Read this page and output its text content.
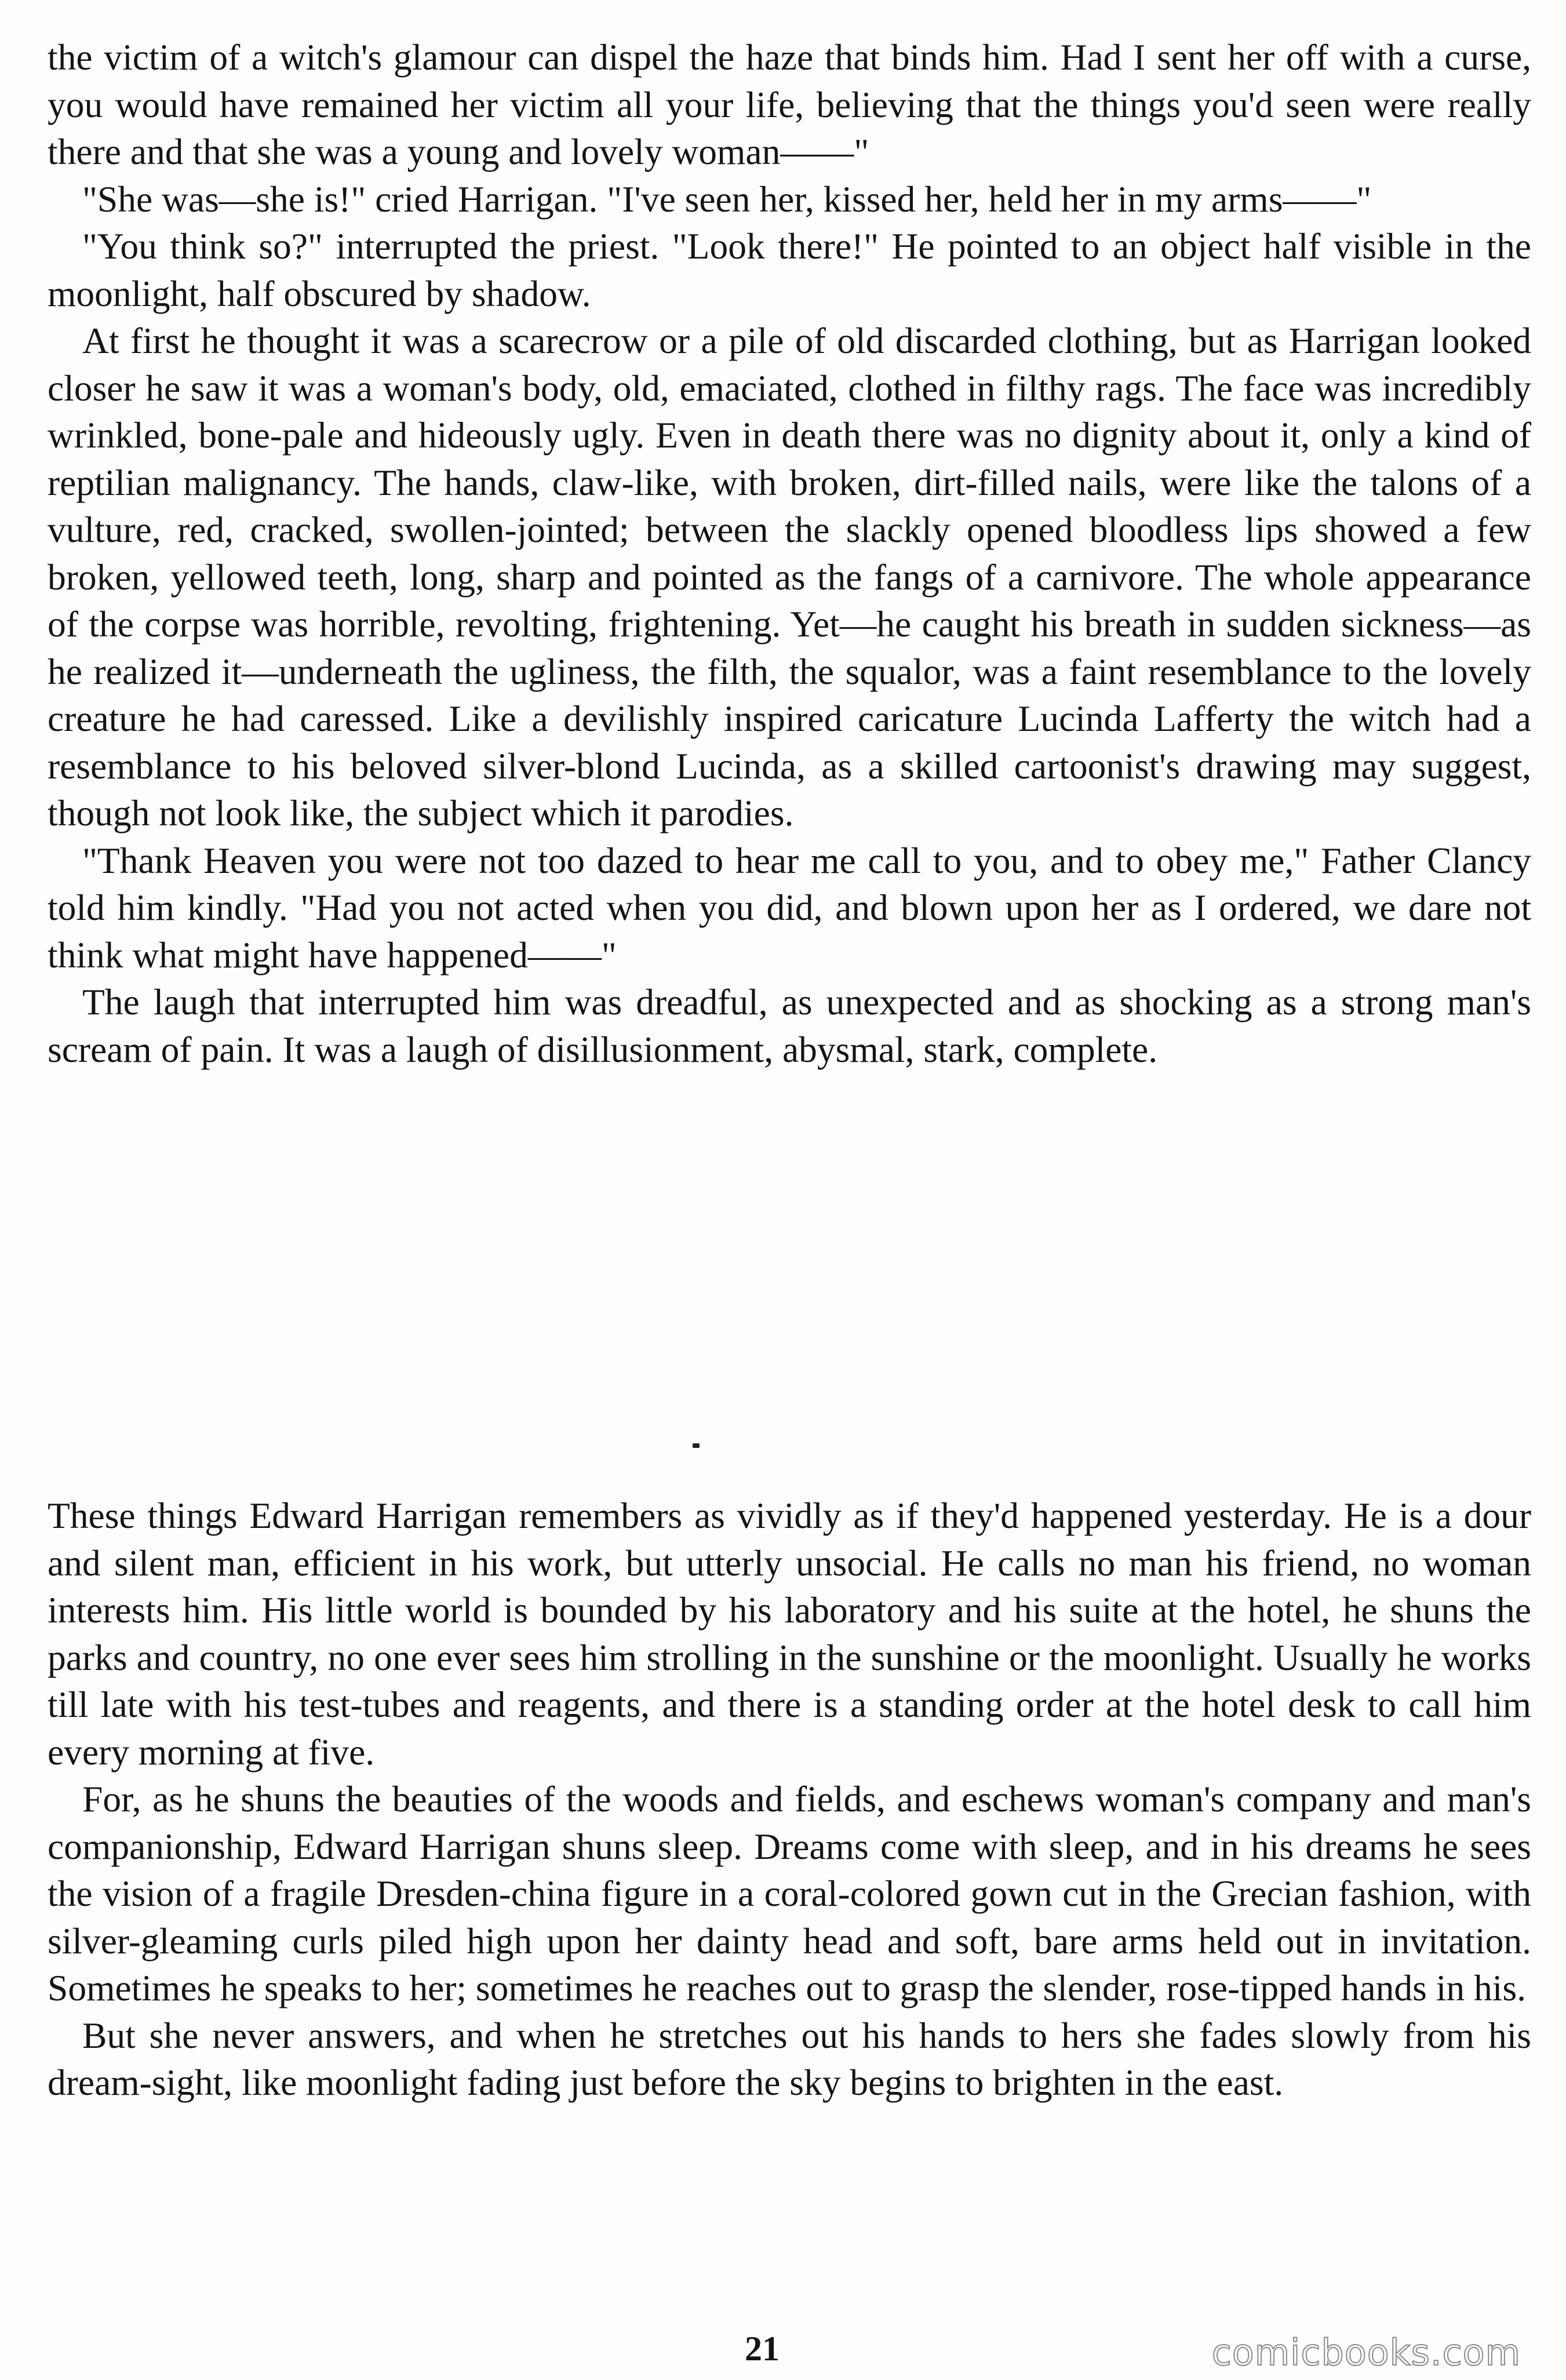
the victim of a witch's glamour can dispel the haze that binds him. Had I sent her off with a curse, you would have remained her victim all your life, believing that the things you'd seen were really there and that she was a young and lovely woman——"

"She was—she is!" cried Harrigan. "I've seen her, kissed her, held her in my arms——"

"You think so?" interrupted the priest. "Look there!" He pointed to an object half visible in the moonlight, half obscured by shadow.

At first he thought it was a scarecrow or a pile of old discarded clothing, but as Harrigan looked closer he saw it was a woman's body, old, emaciated, clothed in filthy rags. The face was incredibly wrinkled, bone-pale and hideously ugly. Even in death there was no dignity about it, only a kind of reptilian malignancy. The hands, claw-like, with broken, dirt-filled nails, were like the talons of a vulture, red, cracked, swollen-jointed; between the slackly opened bloodless lips showed a few broken, yellowed teeth, long, sharp and pointed as the fangs of a carnivore. The whole appearance of the corpse was horrible, revolting, frightening. Yet—he caught his breath in sudden sickness—as he realized it—underneath the ugliness, the filth, the squalor, was a faint resemblance to the lovely creature he had caressed. Like a devilishly inspired caricature Lucinda Lafferty the witch had a resemblance to his beloved silver-blond Lucinda, as a skilled cartoonist's drawing may suggest, though not look like, the subject which it parodies.

"Thank Heaven you were not too dazed to hear me call to you, and to obey me," Father Clancy told him kindly. "Had you not acted when you did, and blown upon her as I ordered, we dare not think what might have happened——"

The laugh that interrupted him was dreadful, as unexpected and as shocking as a strong man's scream of pain. It was a laugh of disillusionment, abysmal, stark, complete.

These things Edward Harrigan remembers as vividly as if they'd happened yesterday. He is a dour and silent man, efficient in his work, but utterly unsocial. He calls no man his friend, no woman interests him. His little world is bounded by his laboratory and his suite at the hotel, he shuns the parks and country, no one ever sees him strolling in the sunshine or the moonlight. Usually he works till late with his test-tubes and reagents, and there is a standing order at the hotel desk to call him every morning at five.

For, as he shuns the beauties of the woods and fields, and eschews woman's company and man's companionship, Edward Harrigan shuns sleep. Dreams come with sleep, and in his dreams he sees the vision of a fragile Dresden-china figure in a coral-colored gown cut in the Grecian fashion, with silver-gleaming curls piled high upon her dainty head and soft, bare arms held out in invitation. Sometimes he speaks to her; sometimes he reaches out to grasp the slender, rose-tipped hands in his.

But she never answers, and when he stretches out his hands to hers she fades slowly from his dream-sight, like moonlight fading just before the sky begins to brighten in the east.

21	comicbooks.com
